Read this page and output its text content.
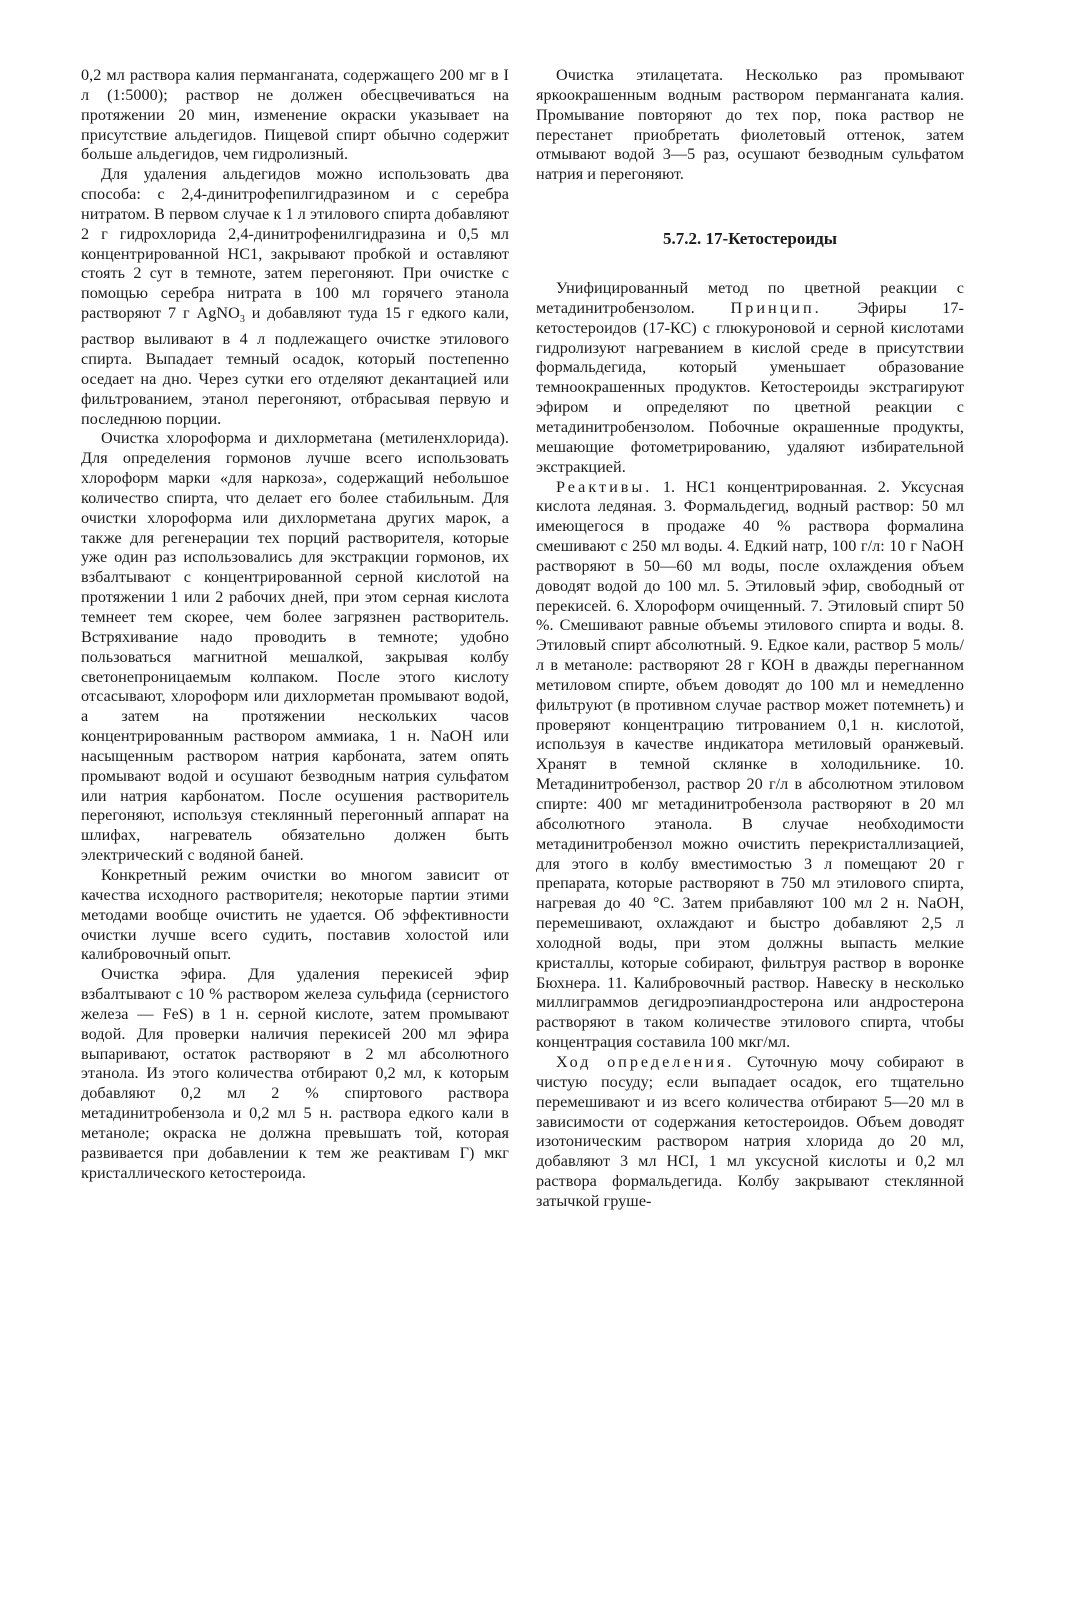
0,2 мл раствора калия перманганата, содержащего 200 мг в I л (1:5000); раствор не должен обесцвечиваться на протяжении 20 мин, изменение окраски указывает на присутствие альдегидов. Пищевой спирт обычно содержит больше альдегидов, чем гидролизный.

Для удаления альдегидов можно использовать два способа: с 2,4-динитрофепилгидразином и с серебра нитратом. В первом случае к 1 л этилового спирта добавляют 2 г гидрохлорида 2,4-динитрофенилгидразина и 0,5 мл концентрированной НС1, закрывают пробкой и оставляют стоять 2 сут в темноте, затем перегоняют. При очистке с помощью серебра нитрата в 100 мл горячего этанола растворяют 7 г AgNO$_3$ и добавляют туда 15 г едкого кали, раствор выливают в 4 л подлежащего очистке этилового спирта. Выпадает темный осадок, который постепенно оседает на дно. Через сутки его отделяют декантацией или фильтрованием, этанол перегоняют, отбрасывая первую и последнюю порции.

Очистка хлороформа и дихлорметана (метиленхлорида). Для определения гормонов лучше всего использовать хлороформ марки «для наркоза», содержащий небольшое количество спирта, что делает его более стабильным. Для очистки хлороформа или дихлорметана других марок, а также для регенерации тех порций растворителя, которые уже один раз использовались для экстракции гормонов, их взбалтывают с концентрированной серной кислотой на протяжении 1 или 2 рабочих дней, при этом серная кислота темнеет тем скорее, чем более загрязнен растворитель. Встряхивание надо проводить в темноте; удобно пользоваться магнитной мешалкой, закрывая колбу светонепроницаемым колпаком. После этого кислоту отсасывают, хлороформ или дихлорметан промывают водой, а затем на протяжении нескольких часов концентрированным раствором аммиака, 1 н. NaOH или насыщенным раствором натрия карбоната, затем опять промывают водой и осушают безводным натрия сульфатом или натрия карбонатом. После осушения растворитель перегоняют, используя стеклянный перегонный аппарат на шлифах, нагреватель обязательно должен быть электрический с водяной баней.

Конкретный режим очистки во многом зависит от качества исходного растворителя; некоторые партии этими методами вообще очистить не удается. Об эффективности очистки лучше всего судить, поставив холостой или калибровочный опыт.

Очистка эфира. Для удаления перекисей эфир взбалтывают с 10 % раствором железа сульфида (сернистого железа — FeS) в 1 н. серной кислоте, затем промывают водой. Для проверки наличия перекисей 200 мл эфира выпаривают, остаток растворяют в 2 мл абсолютного этанола. Из этого количества отбирают 0,2 мл, к которым добавляют 0,2 мл 2 % спиртового раствора метадинитробензола и 0,2 мл 5 н. раствора едкого кали в метаноле; окраска не должна превышать той, которая развивается при добавлении к тем же реактивам Г) мкг кристаллического кетостероида.

Очистка этилацетата. Несколько раз промывают яркоокрашенным водным раствором перманганата калия. Промывание повторяют до тех пор, пока раствор не перестанет приобретать фиолетовый оттенок, затем отмывают водой 3—5 раз, осушают безводным сульфатом натрия и перегоняют.

5.7.2. 17-Кетостероиды

Унифицированный метод по цветной реакции с метадинитробензолом. Принцип. Эфиры 17-кетостероидов (17-КС) с глюкуроновой и серной кислотами гидролизуют нагреванием в кислой среде в присутствии формальдегида, который уменьшает образование темноокрашенных продуктов. Кетостероиды экстрагируют эфиром и определяют по цветной реакции с метадинитробензолом. Побочные окрашенные продукты, мешающие фотометрированию, удаляют избирательной экстракцией.

Реактивы. 1. НС1 концентрированная. 2. Уксусная кислота ледяная. 3. Формальдегид, водный раствор: 50 мл имеющегося в продаже 40 % раствора формалина смешивают с 250 мл воды. 4. Едкий натр, 100 г/л: 10 г NaOH растворяют в 50—60 мл воды, после охлаждения объем доводят водой до 100 мл. 5. Этиловый эфир, свободный от перекисей. 6. Хлороформ очищенный. 7. Этиловый спирт 50 %. Смешивают равные объемы этилового спирта и воды. 8. Этиловый спирт абсолютный. 9. Едкое кали, раствор 5 моль/л в метаноле: растворяют 28 г КОН в дважды перегнанном метиловом спирте, объем доводят до 100 мл и немедленно фильтруют (в противном случае раствор может потемнеть) и проверяют концентрацию титрованием 0,1 н. кислотой, используя в качестве индикатора метиловый оранжевый. Хранят в темной склянке в холодильнике. 10. Метадинитробензол, раствор 20 г/л в абсолютном этиловом спирте: 400 мг метадинитробензола растворяют в 20 мл абсолютного этанола. В случае необходимости метадинитробензол можно очистить перекристаллизацией, для этого в колбу вместимостью 3 л помещают 20 г препарата, которые растворяют в 750 мл этилового спирта, нагревая до 40 °С. Затем прибавляют 100 мл 2 н. NaOH, перемешивают, охлаждают и быстро добавляют 2,5 л холодной воды, при этом должны выпасть мелкие кристаллы, которые собирают, фильтруя раствор в воронке Бюхнера. 11. Калибровочный раствор. Навеску в несколько миллиграммов дегидроэпиандростерона или андростерона растворяют в таком количестве этилового спирта, чтобы концентрация составила 100 мкг/мл.

Ход определения. Суточную мочу собирают в чистую посуду; если выпадает осадок, его тщательно перемешивают и из всего количества отбирают 5—20 мл в зависимости от содержания кетостероидов. Объем доводят изотоническим раствором натрия хлорида до 20 мл, добавляют 3 мл HCI, 1 мл уксусной кислоты и 0,2 мл раствора формальдегида. Колбу закрывают стеклянной затычкой груше-
